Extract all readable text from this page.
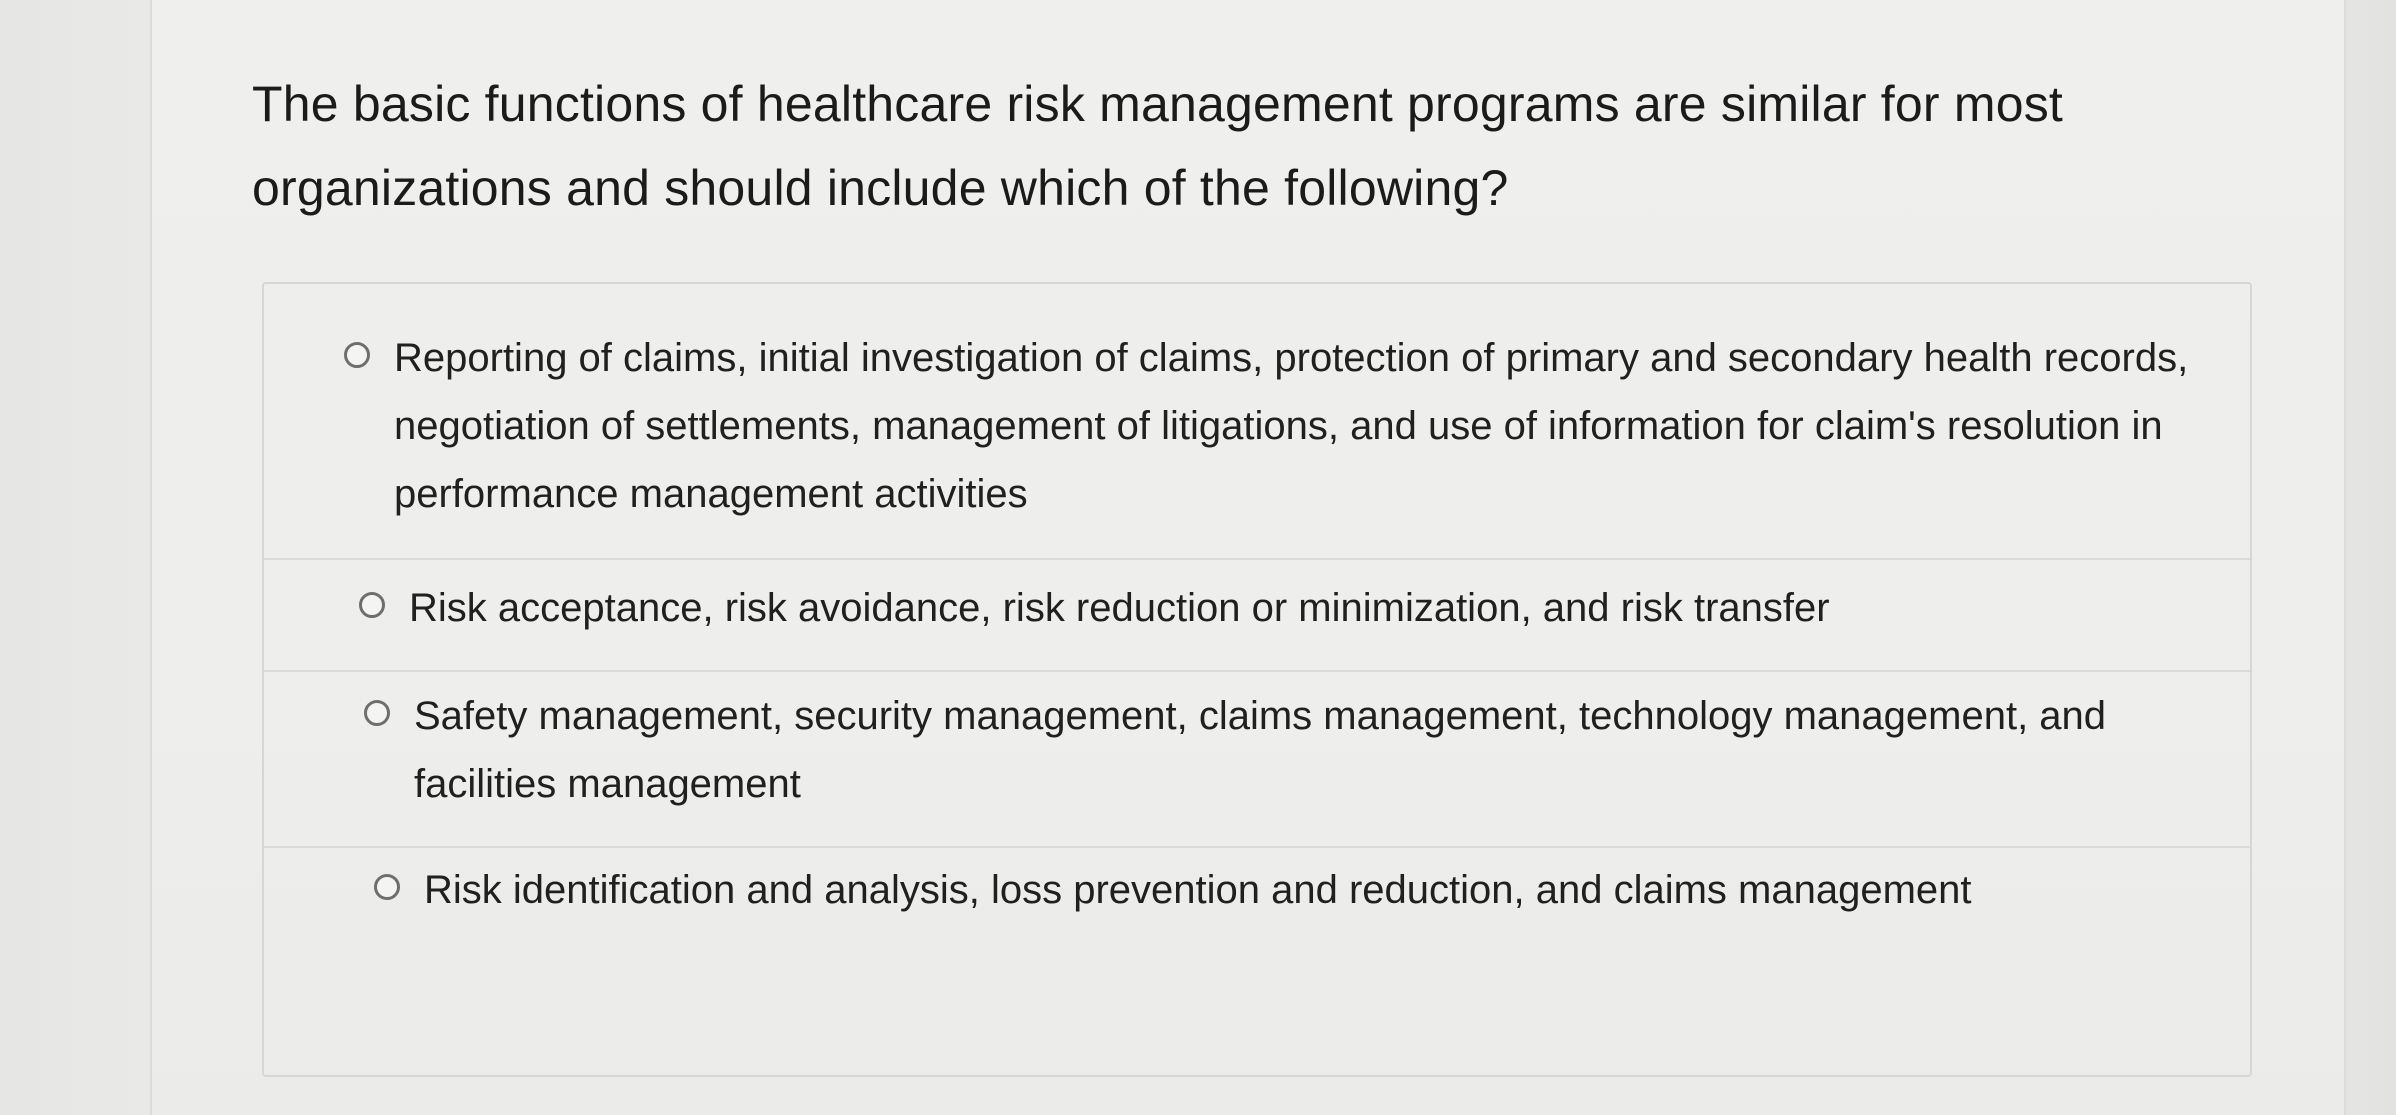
The basic functions of healthcare risk management programs are similar for most organizations and should include which of the following?

Reporting of claims, initial investigation of claims, protection of primary and secondary health records, negotiation of settlements, management of litigations, and use of information for claim's resolution in performance management activities
Risk acceptance, risk avoidance, risk reduction or minimization, and risk transfer
Safety management, security management, claims management, technology management, and facilities management
Risk identification and analysis, loss prevention and reduction, and claims management
